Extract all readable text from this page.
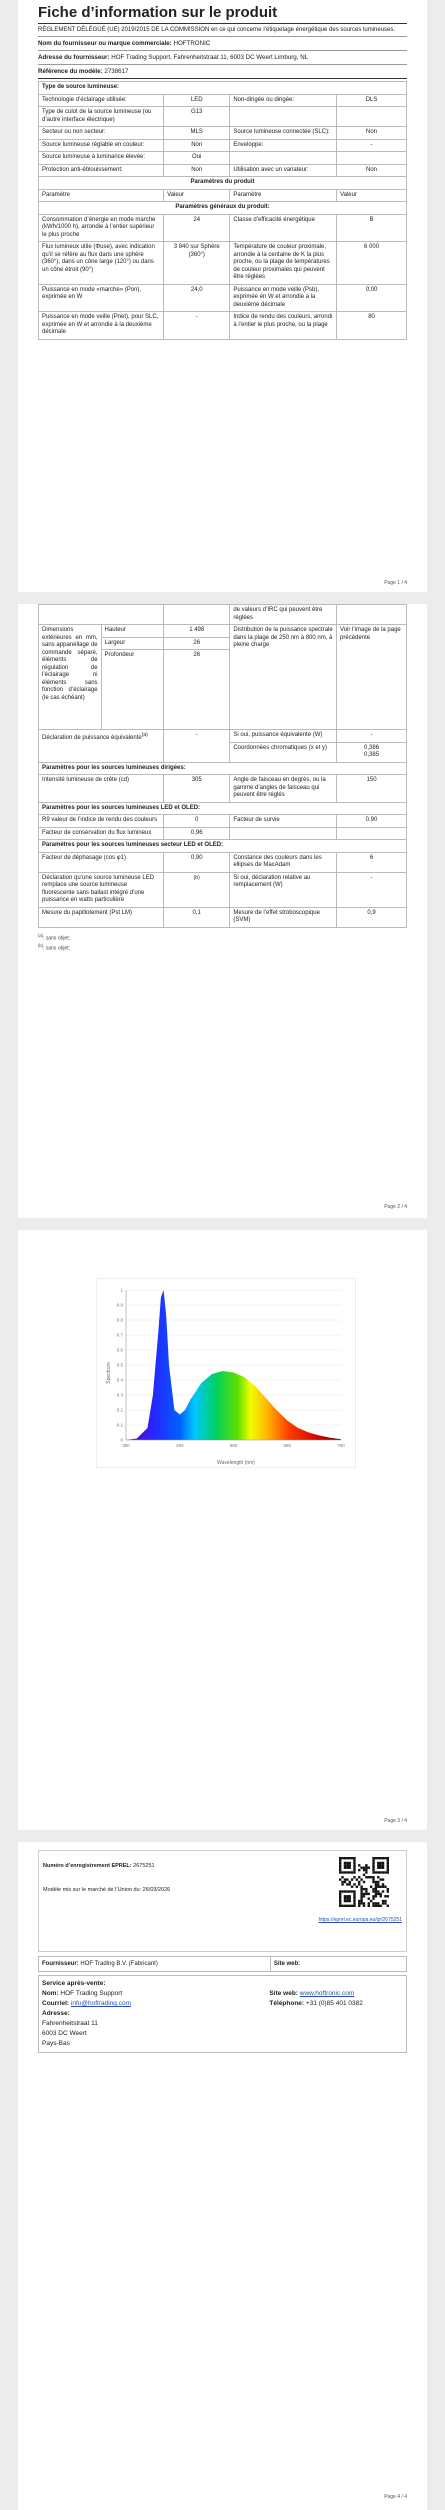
Fiche d’information sur le produit
RÈGLEMENT DÉLÉGUÉ (UE) 2019/2015 DE LA COMMISSION en ce qui concerne l’étiquetage énergétique des sources lumineuses.
Nom du fournisseur ou marque commerciale: HOFTRONIC
Adresse du fournisseur: HOF Trading Support, Fahrenheitstraat 11, 6003 DC Weert Limburg, NL
Référence du modèle: 2738617
Type de source lumineuse:			
Technologie d’éclairage utilisée:	LED	Non-dirigée ou dirigée:	DLS
Type de culot de la source lumineuse (ou d’autre interface électrique)	G13		
Secteur ou non secteur:	MLS	Source lumineuse connectée (SLC):	Non
Source lumineuse réglable en couleur:	Non	Enveloppe:	-
Source lumineuse à luminance élevée:	Oui		
Protection anti-éblouissement:	Non	Utilisation avec un variateur:	Non
Paramètres du produit			
Paramètre	Valeur	Paramètre	Valeur
Paramètres généraux du produit:			
Consommation d’énergie en mode marche (kWh/1000 h), arrondie à l’entier supérieur le plus proche	24	Classe d’efficacité énergétique	B
Flux lumineux utile (Φuse), avec indication qu’il se réfère au flux dans une sphère (360°), dans un cône large (120°) ou dans un cône étroit (90°)	3 840 sur Sphère (360°)	Température de couleur proximale, arrondie à la centaine de K la plus proche, ou la plage de températures de couleur proximales qui peuvent être réglées	6 000
Puissance en mode «marche» (Pon), exprimée en W	24,0	Puissance en mode veille (Psb), exprimée en W et arrondie à la deuxième décimale	0,00
Puissance en mode veille (Pnet), pour SLC, exprimée en W et arrondie à la deuxième décimale	-	Indice de rendu des couleurs, arrondi à l’entier le plus proche, ou la plage	80
Page 1 / 4
			de valeurs d’IRC qui peuvent être réglées	
Dimensions extérieures en mm, sans appareillage de commande séparé, éléments de régulation de l’éclairage ni éléments sans fonction d’éclairage (le cas échéant)	Hauteur	1 498	Distribution de la puissance spectrale dans la plage de 250 nm à 800 nm, à pleine charge	Voir l’image de la page précédente
	Largeur	26		
	Profondeur	26		
Déclaration de puissance équivalente$^{(a)}$		-	Si oui, puissance équivalente (W)	-
			Coordonnées chromatiques (x et y)	0,386
0,385
Paramètres pour les sources lumineuses dirigées:				
Intensité lumineuse de crête (cd)		305	Angle de faisceau en degrés, ou la gamme d’angles de faisceau qui peuvent être réglés	150
Paramètres pour les sources lumineuses LED et OLED:				
R9 valeur de l’indice de rendu des couleurs		0	Facteur de survie	0,90
Facteur de conservation du flux lumineux		0,96		
Paramètres pour les sources lumineuses secteur LED et OLED:				
Facteur de déphasage (cos φ1)		0,90	Constance des couleurs dans les ellipses de MacAdam	6
Déclaration qu’une source lumineuse LED remplace une source lumineuse fluorescente sans ballast intégré d’une puissance en watts particulière		$^{(b)}$	Si oui, déclaration relative au remplacement (W)	-
Mesure du papillotement (Pst LM)		0,1	Mesure de l’effet stroboscopique (SVM)	0,9
$^{(a)}$: sans objet;
$^{(b)}$: sans objet;
Page 2 / 4
0
0.1
0.2
0.3
0.4
0.5
0.6
0.7
0.8
0.9
1
380	480	580	680	780
Spectrum
Wavelength (nm)
Page 3 / 4
Numéro d’enregistrement EPREL: 2675251
Modèle mis sur le marché de l’Union du: 26/03/2026
https://eprel.ec.europa.eu/qr/2675251
Fournisseur: HOF Trading B.V. (Fabricant)	Site web:
Service après-vente:
Nom: HOF Trading Support	Site web: www.hoftronic.com
Courriel: info@hoftrading.com	Téléphone: +31 (0)85 401 0382
Adresse:
Fahrenheitstraat 11
6003 DC Weert
Pays-Bas
Page 4 / 4
